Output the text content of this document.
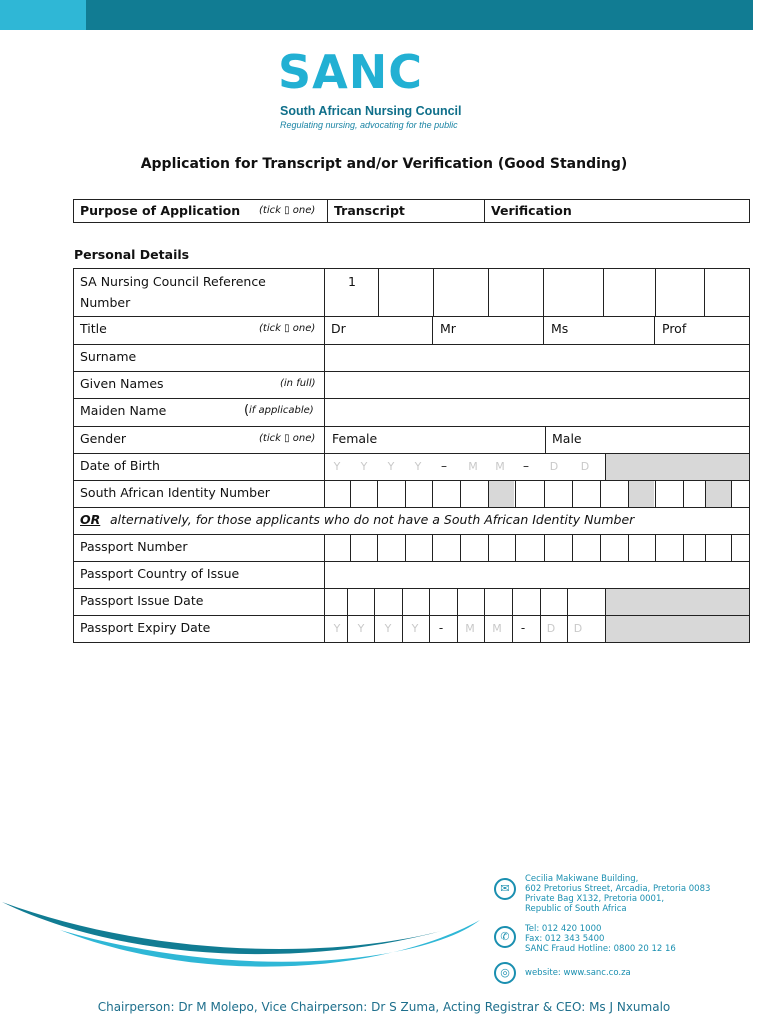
SANC
South African Nursing Council
Regulating nursing, advocating for the public
Application for Transcript and/or Verification (Good Standing)
Purpose of Application (tick ▯ one) Transcript	Verification
Personal Details
SA Nursing Council Reference
Number
1
Title	(tick ▯ one) Dr	Mr	Ms	Prof
Surname
Given Names	(in full)
Maiden Name	( if applicable)
Gender	(tick ▯ one) Female	Male
Date of Birth	Y	Y	Y	Y	–	M	M	–	D	D
South African Identity Number
OR alternatively, for those applicants who do not have a South African Identity Number
Passport Number
Passport Country of Issue
Passport Issue Date
Passport Expiry Date	Y	Y	Y	Y	-	M	M	-	D	D
✉
Cecilia Makiwane Building,
602 Pretorius Street, Arcadia, Pretoria 0083
Private Bag X132, Pretoria 0001,
Republic of South Africa
✆
Tel: 012 420 1000
Fax: 012 343 5400
SANC Fraud Hotline: 0800 20 12 16
◎	website: www.sanc.co.za
Chairperson: Dr M Molepo, Vice Chairperson: Dr S Zuma, Acting Registrar & CEO: Ms J Nxumalo
